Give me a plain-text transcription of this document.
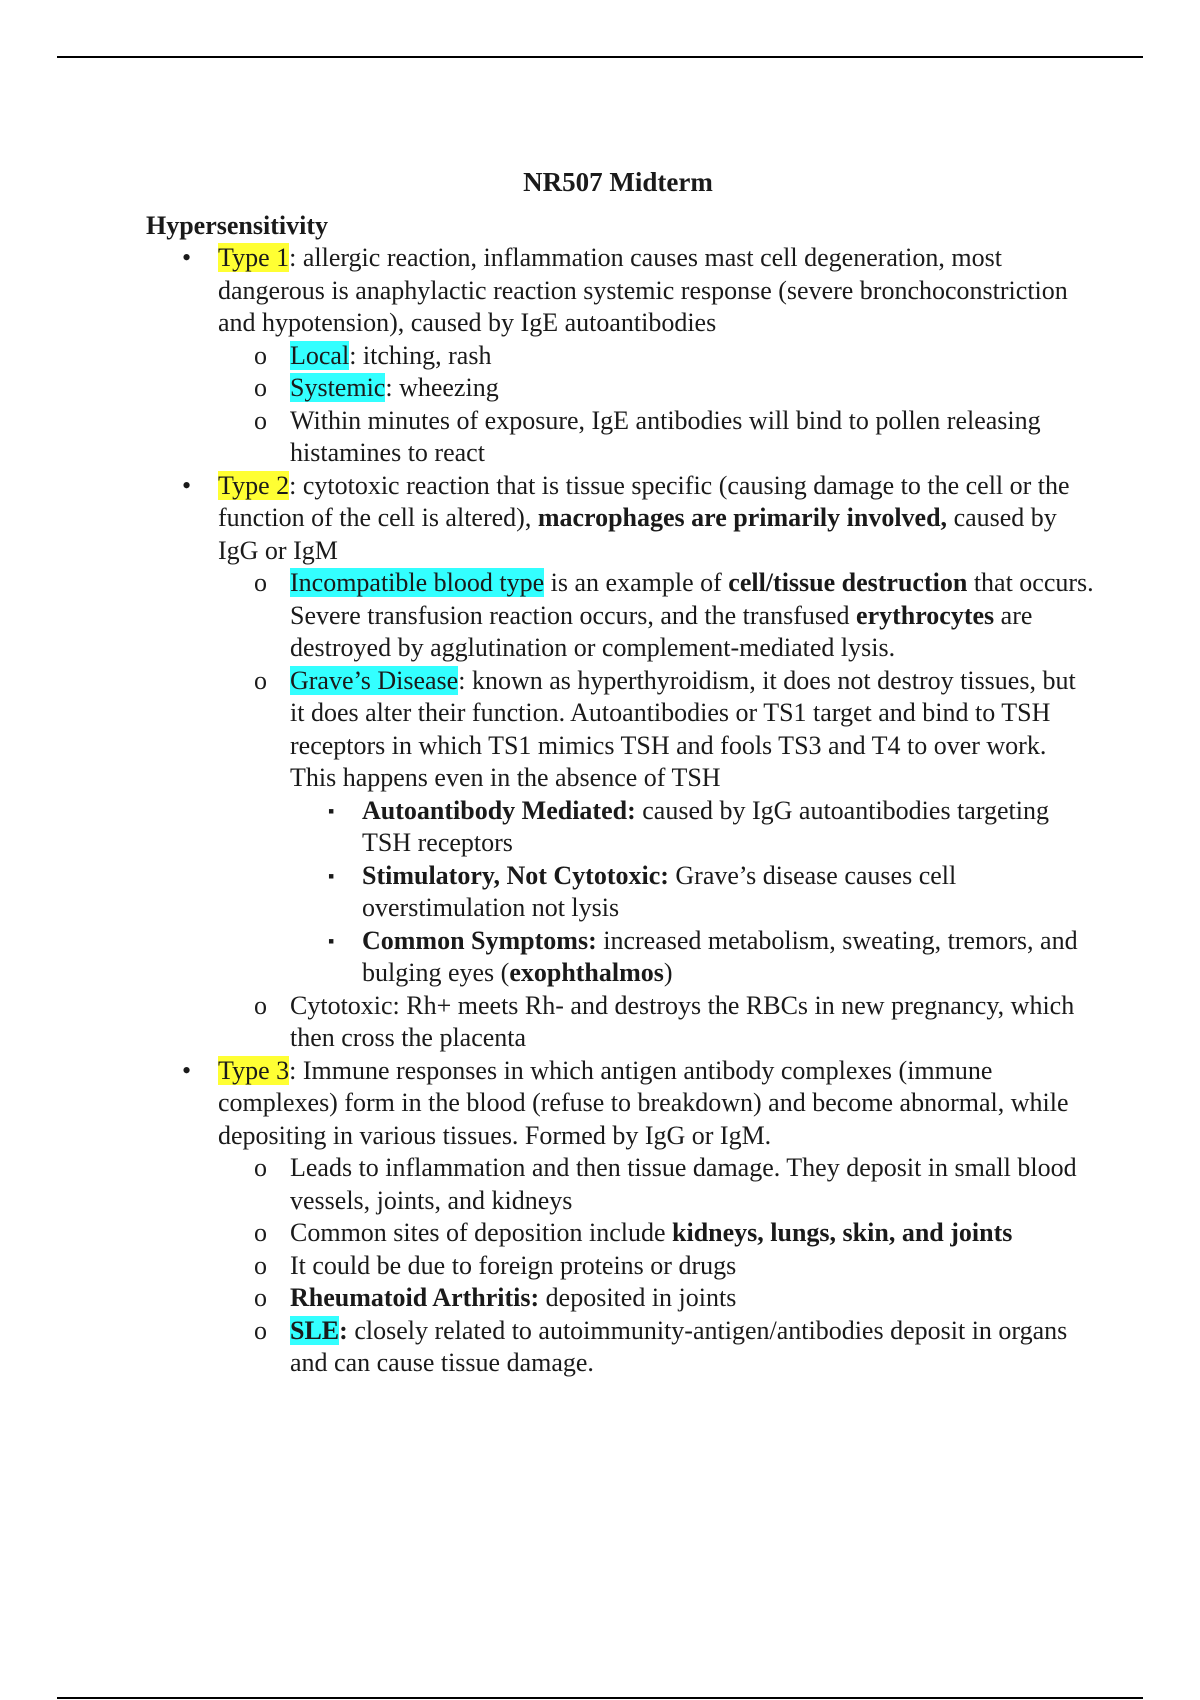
NR507 Midterm

Hypersensitivity

• Type 1: allergic reaction, inflammation causes mast cell degeneration, most dangerous is anaphylactic reaction systemic response (severe bronchoconstriction and hypotension), caused by IgE autoantibodies
o Local: itching, rash
o Systemic: wheezing
o Within minutes of exposure, IgE antibodies will bind to pollen releasing histamines to react
• Type 2: cytotoxic reaction that is tissue specific (causing damage to the cell or the function of the cell is altered), macrophages are primarily involved, caused by IgG or IgM
o Incompatible blood type is an example of cell/tissue destruction that occurs. Severe transfusion reaction occurs, and the transfused erythrocytes are destroyed by agglutination or complement-mediated lysis.
o Grave’s Disease: known as hyperthyroidism, it does not destroy tissues, but it does alter their function. Autoantibodies or TS1 target and bind to TSH receptors in which TS1 mimics TSH and fools TS3 and T4 to over work. This happens even in the absence of TSH
▪ Autoantibody Mediated: caused by IgG autoantibodies targeting TSH receptors
▪ Stimulatory, Not Cytotoxic: Grave’s disease causes cell overstimulation not lysis
▪ Common Symptoms: increased metabolism, sweating, tremors, and bulging eyes (exophthalmos)
o Cytotoxic: Rh+ meets Rh- and destroys the RBCs in new pregnancy, which then cross the placenta
• Type 3: Immune responses in which antigen antibody complexes (immune complexes) form in the blood (refuse to breakdown) and become abnormal, while depositing in various tissues. Formed by IgG or IgM.
o Leads to inflammation and then tissue damage. They deposit in small blood vessels, joints, and kidneys
o Common sites of deposition include kidneys, lungs, skin, and joints
o It could be due to foreign proteins or drugs
o Rheumatoid Arthritis: deposited in joints
o SLE: closely related to autoimmunity-antigen/antibodies deposit in organs and can cause tissue damage.
